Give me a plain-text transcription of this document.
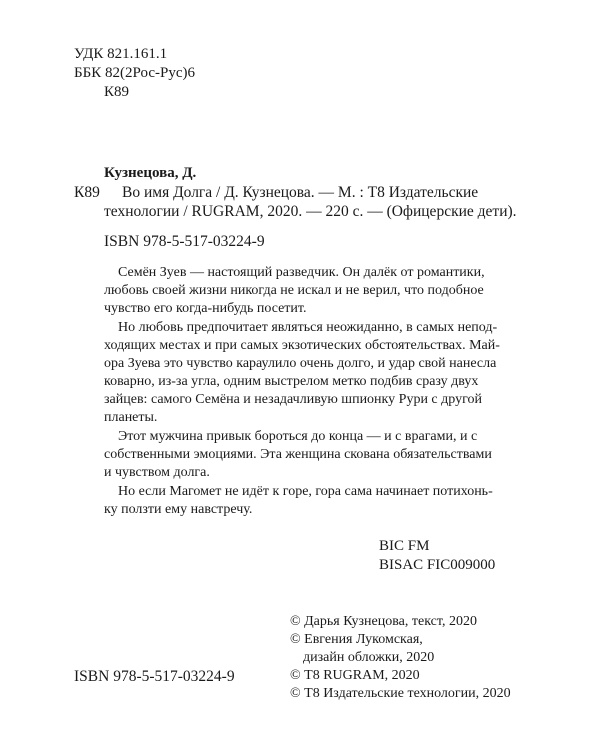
УДК 821.161.1
ББК 82(2Рос-Рус)6
К89
Кузнецова, Д.
К89 Во имя Долга / Д. Кузнецова. — М. : Т8 Издательские
технологии / RUGRAM, 2020. — 220 с. — (Офицерские дети).
ISBN 978-5-517-03224-9
Семён Зуев — настоящий разведчик. Он далёк от романтики,
любовь своей жизни никогда не искал и не верил, что подобное
чувство его когда-нибудь посетит.
Но любовь предпочитает являться неожиданно, в самых непод-
ходящих местах и при самых экзотических обстоятельствах. Май-
ора Зуева это чувство караулило очень долго, и удар свой нанесла
коварно, из-за угла, одним выстрелом метко подбив сразу двух
зайцев: самого Семёна и незадачливую шпионку Рури с другой
планеты.
Этот мужчина привык бороться до конца — и с врагами, и с
собственными эмоциями. Эта женщина скована обязательствами
и чувством долга.
Но если Магомет не идёт к горе, гора сама начинает потихонь-
ку ползти ему навстречу.
BIC FM
BISAC FIC009000
ISBN 978-5-517-03224-9
© Дарья Кузнецова, текст, 2020
© Евгения Лукомская,
дизайн обложки, 2020
© Т8 RUGRAM, 2020
© Т8 Издательские технологии, 2020
